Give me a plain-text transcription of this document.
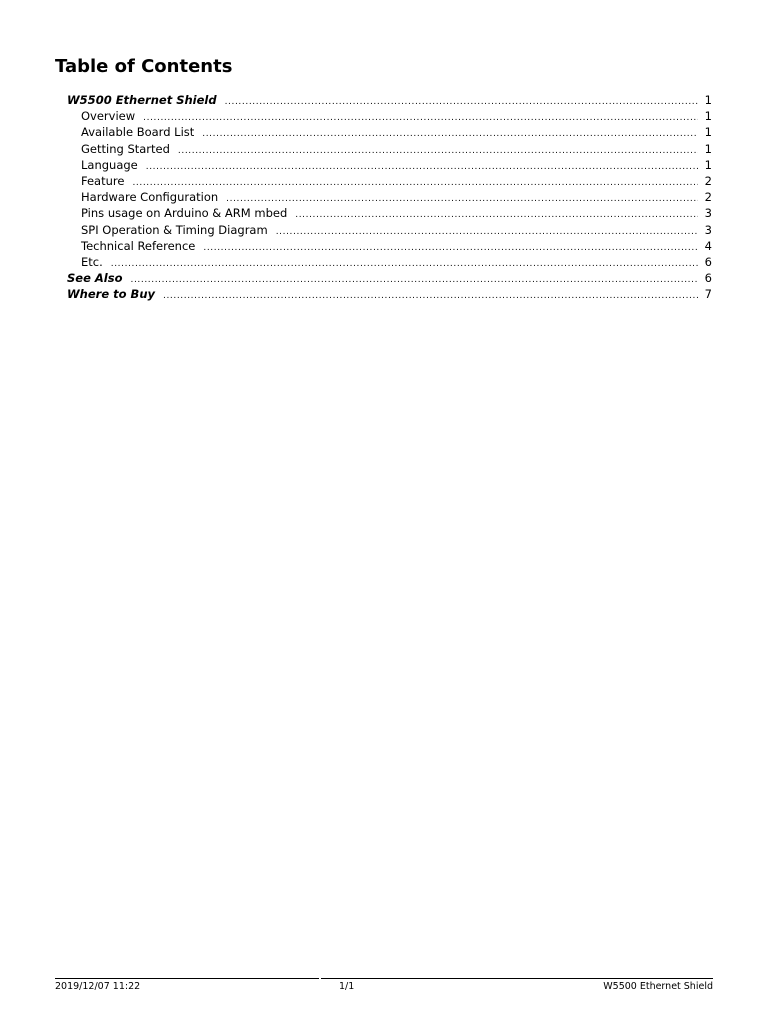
Table of Contents
W5500 Ethernet Shield .....	1
Overview .....	1
Available Board List .....	1
Getting Started .....	1
Language .....	1
Feature .....	2
Hardware Configuration .....	2
Pins usage on Arduino & ARM mbed .....	3
SPI Operation & Timing Diagram .....	3
Technical Reference .....	4
Etc. .....	6
See Also .....	6
Where to Buy .....	7
2019/12/07 11:22	1/1	W5500 Ethernet Shield
